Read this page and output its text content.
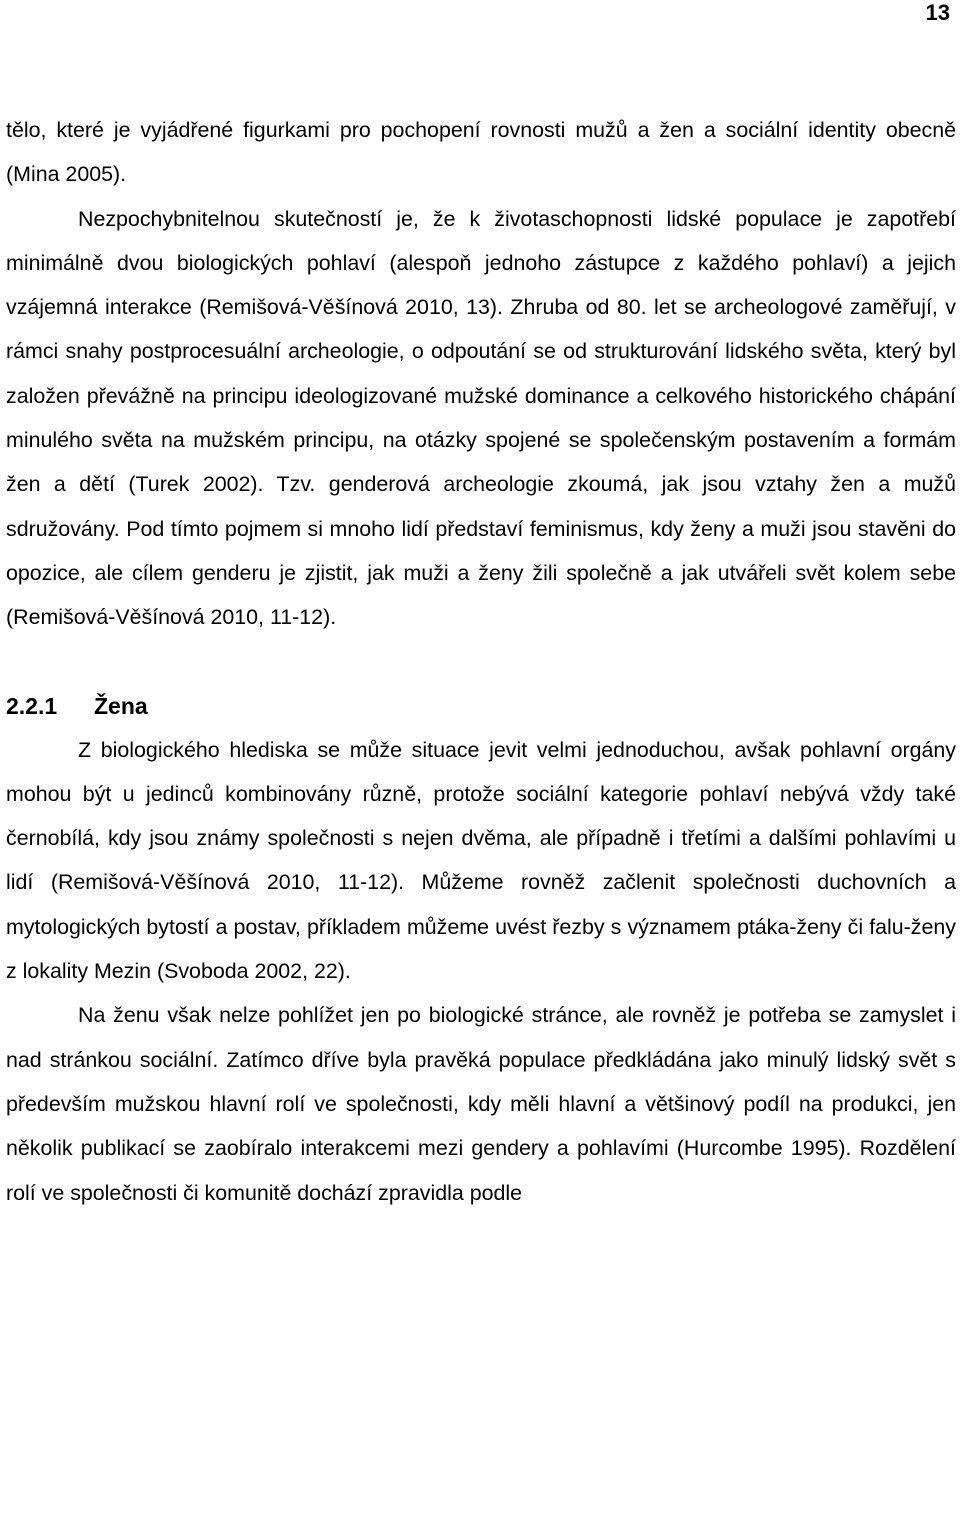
13

tělo, které je vyjádřené figurkami pro pochopení rovnosti mužů a žen a sociální identity obecně (Mina 2005).

Nezpochybnitelnou skutečností je, že k životaschopnosti lidské populace je zapotřebí minimálně dvou biologických pohlaví (alespoň jednoho zástupce z každého pohlaví) a jejich vzájemná interakce (Remišová-Věšínová 2010, 13). Zhruba od 80. let se archeologové zaměřují, v rámci snahy postprocesuální archeologie, o odpoutání se od strukturování lidského světa, který byl založen převážně na principu ideologizované mužské dominance a celkového historického chápání minulého světa na mužském principu, na otázky spojené se společenským postavením a formám žen a dětí (Turek 2002). Tzv. genderová archeologie zkoumá, jak jsou vztahy žen a mužů sdružovány. Pod tímto pojmem si mnoho lidí představí feminismus, kdy ženy a muži jsou stavěni do opozice, ale cílem genderu je zjistit, jak muži a ženy žili společně a jak utvářeli svět kolem sebe (Remišová-Věšínová 2010, 11-12).

2.2.1 Žena

Z biologického hlediska se může situace jevit velmi jednoduchou, avšak pohlavní orgány mohou být u jedinců kombinovány různě, protože sociální kategorie pohlaví nebývá vždy také černobílá, kdy jsou známy společnosti s nejen dvěma, ale případně i třetími a dalšími pohlavími u lidí (Remišová-Věšínová 2010, 11-12). Můžeme rovněž začlenit společnosti duchovních a mytologických bytostí a postav, příkladem můžeme uvést řezby s významem ptáka-ženy či falu-ženy z lokality Mezin (Svoboda 2002, 22).

Na ženu však nelze pohlížet jen po biologické stránce, ale rovněž je potřeba se zamyslet i nad stránkou sociální. Zatímco dříve byla pravěká populace předkládána jako minulý lidský svět s především mužskou hlavní rolí ve společnosti, kdy měli hlavní a většinový podíl na produkci, jen několik publikací se zaobíralo interakcemi mezi gendery a pohlavími (Hurcombe 1995). Rozdělení rolí ve společnosti či komunitě dochází zpravidla podle
